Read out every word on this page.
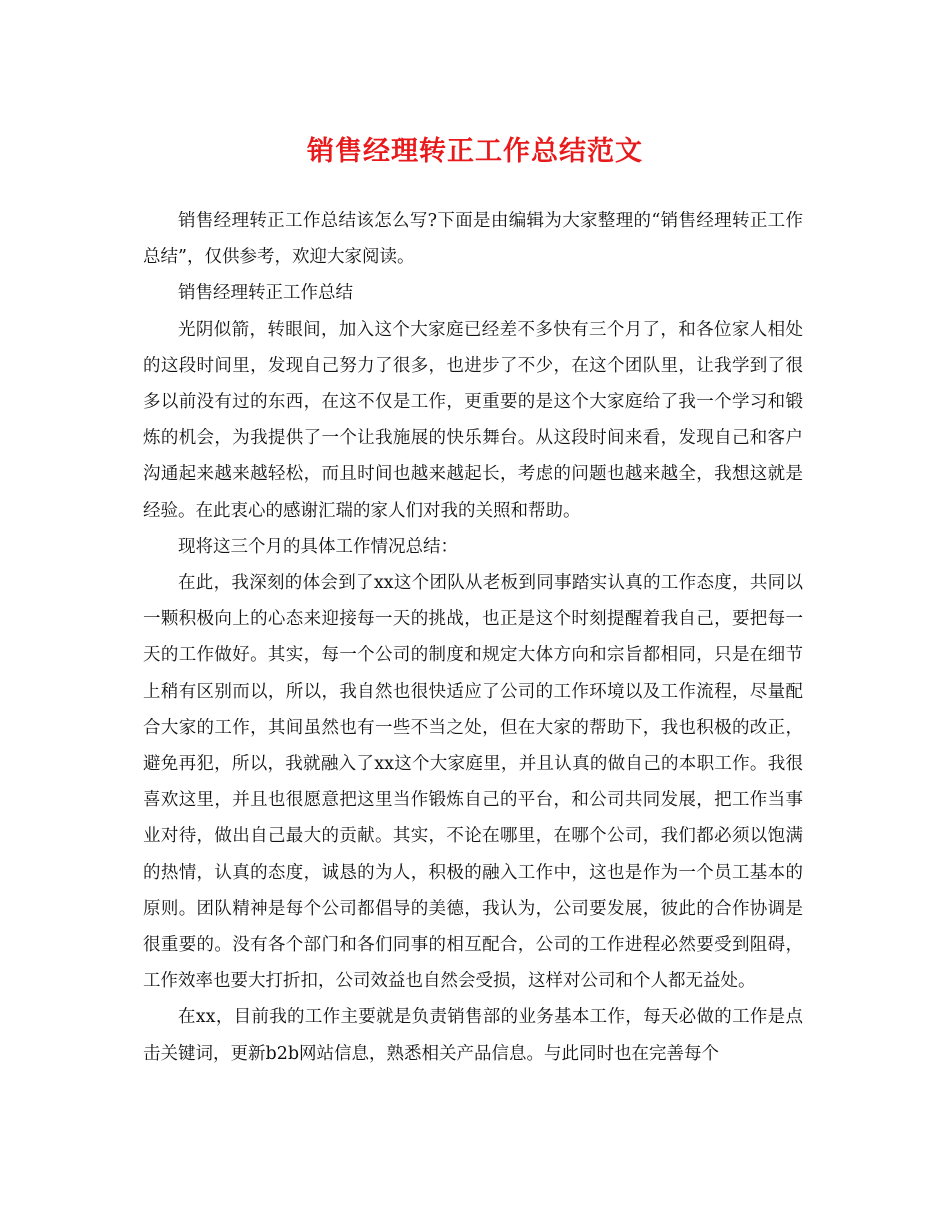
销售经理转正工作总结范文

销售经理转正工作总结该怎么写?下面是由编辑为大家整理的“销售经理转正工作总结”，仅供参考，欢迎大家阅读。

销售经理转正工作总结

光阴似箭，转眼间，加入这个大家庭已经差不多快有三个月了，和各位家人相处的这段时间里，发现自己努力了很多，也进步了不少，在这个团队里，让我学到了很多以前没有过的东西，在这不仅是工作，更重要的是这个大家庭给了我一个学习和锻炼的机会，为我提供了一个让我施展的快乐舞台。从这段时间来看，发现自己和客户沟通起来越来越轻松，而且时间也越来越起长，考虑的问题也越来越全，我想这就是经验。在此衷心的感谢汇瑞的家人们对我的关照和帮助。

现将这三个月的具体工作情况总结：

在此，我深刻的体会到了xx这个团队从老板到同事踏实认真的工作态度，共同以一颗积极向上的心态来迎接每一天的挑战，也正是这个时刻提醒着我自己，要把每一天的工作做好。其实，每一个公司的制度和规定大体方向和宗旨都相同，只是在细节上稍有区别而以，所以，我自然也很快适应了公司的工作环境以及工作流程，尽量配合大家的工作，其间虽然也有一些不当之处，但在大家的帮助下，我也积极的改正，避免再犯，所以，我就融入了xx这个大家庭里，并且认真的做自己的本职工作。我很喜欢这里，并且也很愿意把这里当作锻炼自己的平台，和公司共同发展，把工作当事业对待，做出自己最大的贡献。其实，不论在哪里，在哪个公司，我们都必须以饱满的热情，认真的态度，诚恳的为人，积极的融入工作中，这也是作为一个员工基本的原则。团队精神是每个公司都倡导的美德，我认为，公司要发展，彼此的合作协调是很重要的。没有各个部门和各们同事的相互配合，公司的工作进程必然要受到阻碍，工作效率也要大打折扣，公司效益也自然会受损，这样对公司和个人都无益处。

在xx，目前我的工作主要就是负责销售部的业务基本工作，每天必做的工作是点击关键词，更新b2b网站信息，熟悉相关产品信息。与此同时也在完善每个
